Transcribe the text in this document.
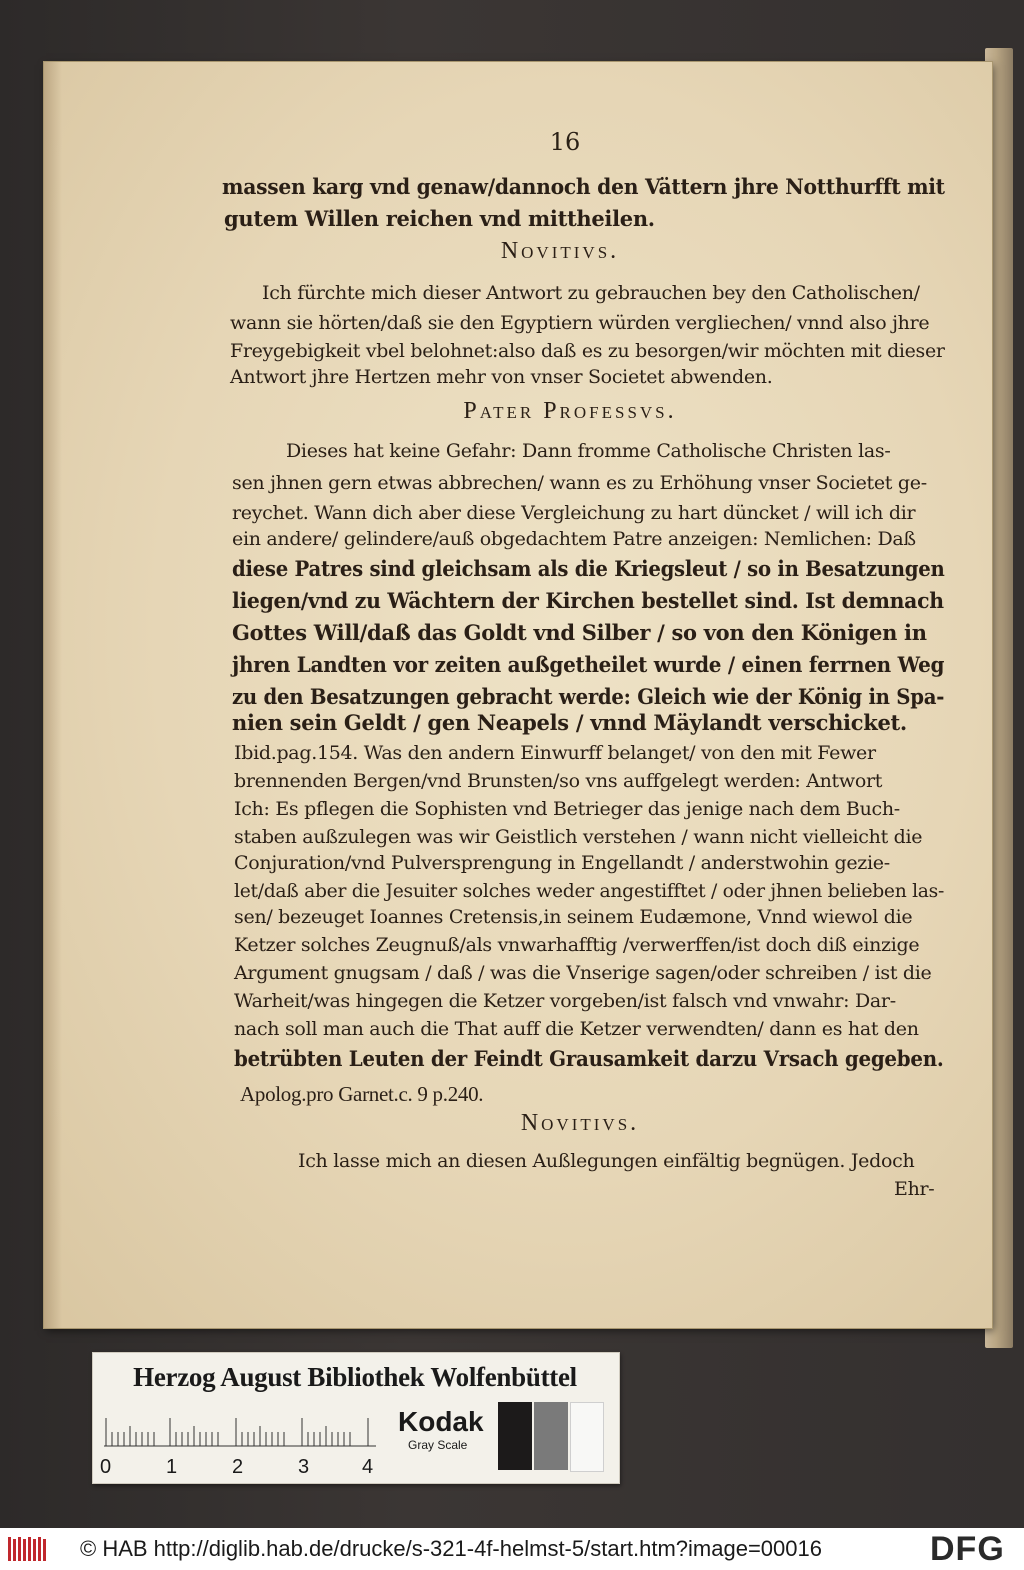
16
massen karg vnd genaw/dannoch den Vättern jhre Notthurfft mit
gutem Willen reichen vnd mittheilen.
Novitivs.
Ich fürchte mich dieser Antwort zu gebrauchen bey den Catholischen/
wann sie hörten/daß sie den Egyptiern würden vergliechen/ vnnd also jhre
Freygebigkeit vbel belohnet:also daß es zu besorgen/wir möchten mit dieser
Antwort jhre Hertzen mehr von vnser Societet abwenden.
Pater Professvs.
Dieses hat keine Gefahr: Dann fromme Catholische Christen las-
sen jhnen gern etwas abbrechen/ wann es zu Erhöhung vnser Societet ge-
reychet. Wann dich aber diese Vergleichung zu hart düncket / will ich dir
ein andere/ gelindere/auß obgedachtem Patre anzeigen: Nemlichen: Daß
diese Patres sind gleichsam als die Kriegsleut / so in Besatzungen
liegen/vnd zu Wächtern der Kirchen bestellet sind. Ist demnach
Gottes Will/daß das Goldt vnd Silber / so von den Königen in
jhren Landten vor zeiten außgetheilet wurde / einen ferrnen Weg
zu den Besatzungen gebracht werde: Gleich wie der König in Spa-
nien sein Geldt / gen Neapels / vnnd Mäylandt verschicket.
Ibid.pag.154. Was den andern Einwurff belanget/ von den mit Fewer
brennenden Bergen/vnd Brunsten/so vns auffgelegt werden: Antwort
Ich: Es pflegen die Sophisten vnd Betrieger das jenige nach dem Buch-
staben außzulegen was wir Geistlich verstehen / wann nicht vielleicht die
Conjuration/vnd Pulversprengung in Engellandt / anderstwohin gezie-
let/daß aber die Jesuiter solches weder angestifftet / oder jhnen belieben las-
sen/ bezeuget Ioannes Cretensis,in seinem Eudæmone, Vnnd wiewol die
Ketzer solches Zeugnuß/als vnwarhafftig /verwerffen/ist doch diß einzige
Argument gnugsam / daß / was die Vnserige sagen/oder schreiben / ist die
Warheit/was hingegen die Ketzer vorgeben/ist falsch vnd vnwahr: Dar-
nach soll man auch die That auff die Ketzer verwendten/ dann es hat den
betrübten Leuten der Feindt Grausamkeit darzu Vrsach gegeben.
Apolog.pro Garnet.c. 9 p.240.
Novitivs.
Ich lasse mich an diesen Außlegungen einfältig begnügen. Jedoch
Ehr-
Herzog August Bibliothek Wolfenbüttel
0	1	2	3	4
Kodak
Gray Scale
© HAB http://diglib.hab.de/drucke/s-321-4f-helmst-5/start.htm?image=00016	DFG
